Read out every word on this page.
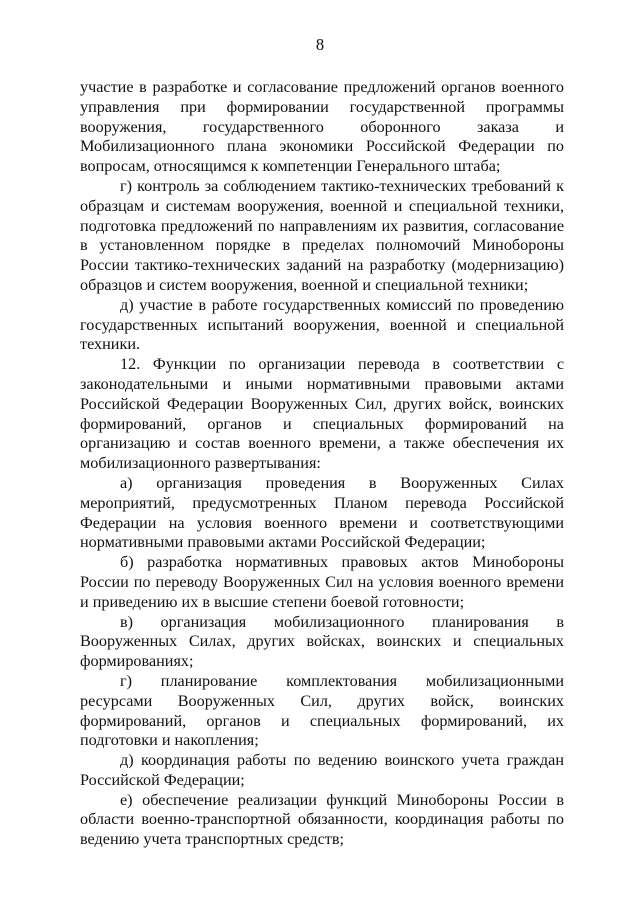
8

участие в разработке и согласование предложений органов военного управления при формировании государственной программы вооружения, государственного оборонного заказа и Мобилизационного плана экономики Российской Федерации по вопросам, относящимся к компетенции Генерального штаба;

г) контроль за соблюдением тактико-технических требований к образцам и системам вооружения, военной и специальной техники, подготовка предложений по направлениям их развития, согласование в установленном порядке в пределах полномочий Минобороны России тактико-технических заданий на разработку (модернизацию) образцов и систем вооружения, военной и специальной техники;

д) участие в работе государственных комиссий по проведению государственных испытаний вооружения, военной и специальной техники.

12. Функции по организации перевода в соответствии с законодательными и иными нормативными правовыми актами Российской Федерации Вооруженных Сил, других войск, воинских формирований, органов и специальных формирований на организацию и состав военного времени, а также обеспечения их мобилизационного развертывания:

а) организация проведения в Вооруженных Силах мероприятий, предусмотренных Планом перевода Российской Федерации на условия военного времени и соответствующими нормативными правовыми актами Российской Федерации;

б) разработка нормативных правовых актов Минобороны России по переводу Вооруженных Сил на условия военного времени и приведению их в высшие степени боевой готовности;

в) организация мобилизационного планирования в Вооруженных Силах, других войсках, воинских и специальных формированиях;

г) планирование комплектования мобилизационными ресурсами Вооруженных Сил, других войск, воинских формирований, органов и специальных формирований, их подготовки и накопления;

д) координация работы по ведению воинского учета граждан Российской Федерации;

е) обеспечение реализации функций Минобороны России в области военно-транспортной обязанности, координация работы по ведению учета транспортных средств;
